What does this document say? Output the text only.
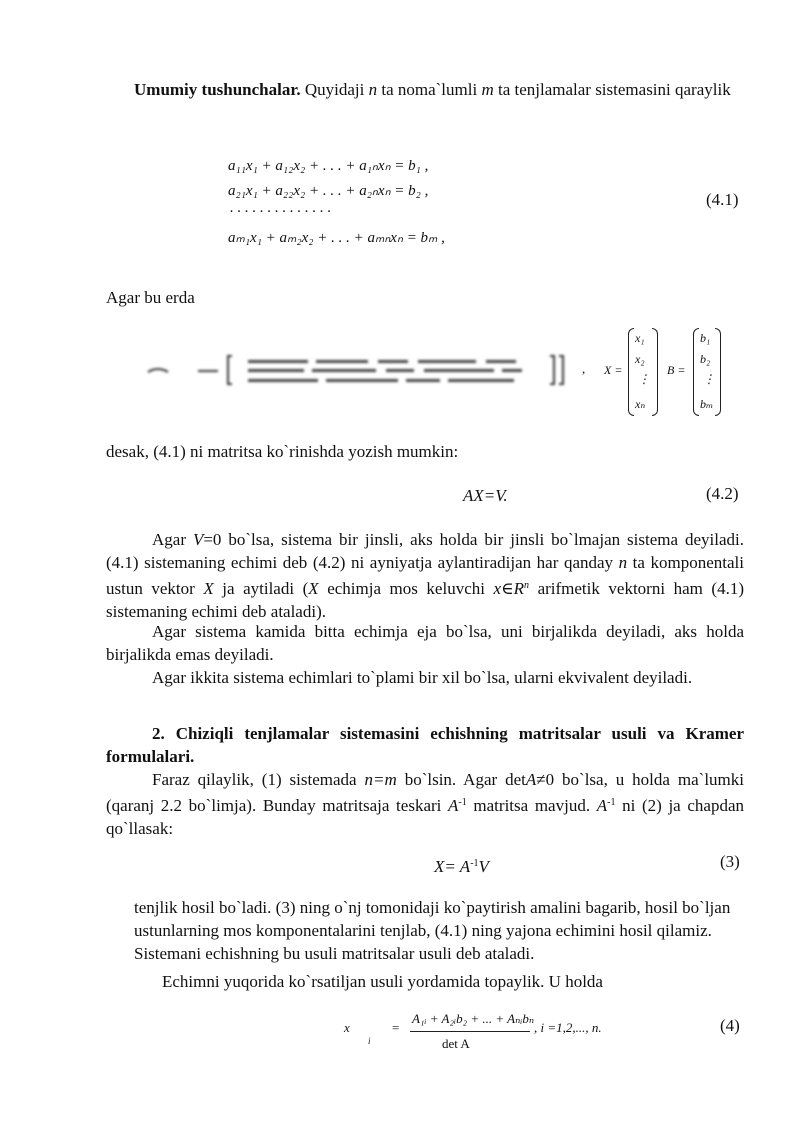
Umumiy tushunchalar. Quyidaji n ta noma`lumli m ta tenjlamalar sistemasini qaraylik
a₁₁x₁ + a₁₂x₂ + . . . + a₁ₙxₙ = b₁ ,
a₂₁x₁ + a₂₂x₂ + . . . + a₂ₙxₙ = b₂ ,
. . . . . . . . . . . . . .
aₘ₁x₁ + aₘ₂x₂ + . . . + aₘₙxₙ = bₘ ,
(4.1)
Agar bu erda
, X =
x₁
x₂
⋮
xₙ
B =
b₁
b₂
⋮
bₘ
desak, (4.1) ni matritsa ko`rinishda yozish mumkin:
AX=V.	(4.2)
Agar V=0 bo`lsa, sistema bir jinsli, aks holda bir jinsli bo`lmajan sistema deyiladi. (4.1) sistemaning echimi deb (4.2) ni ayniyatja aylantiradijan har qanday n ta komponentali ustun vektor X ja aytiladi (X echimja mos keluvchi $x\in R^n$ arifmetik vektorni ham (4.1) sistemaning echimi deb ataladi).
Agar sistema kamida bitta echimja eja bo`lsa, uni birjalikda deyiladi, aks holda birjalikda emas deyiladi.
Agar ikkita sistema echimlari to`plami bir xil bo`lsa, ularni ekvivalent deyiladi.
2. Chiziqli tenjlamalar sistemasini echishning matritsalar usuli va Kramer formulalari.
Faraz qilaylik, (1) sistemada n=m bo`lsin. Agar detA≠0 bo`lsa, u holda ma`lumki (qaranj 2.2 bo`limja). Bunday matritsaja teskari $A^{-1}$ matritsa mavjud. $A^{-1}$ ni (2) ja chapdan qo`llasak:
$X= A^{-1}V$	(3)
tenjlik hosil bo`ladi. (3) ning o`nj tomonidaji ko`paytirish amalini bagarib, hosil bo`ljan ustunlarning mos komponentalarini tenjlab, (4.1) ning yajona echimini hosil qilamiz. Sistemani echishning bu usuli matritsalar usuli deb ataladi.
Echimni yuqorida ko`rsatiljan usuli yordamida topaylik. U holda
x
i
=
A₁ᵢ + A₂ᵢb₂ + ... + Aₙᵢbₙ
det A
, i =1,2,..., n.	(4)
